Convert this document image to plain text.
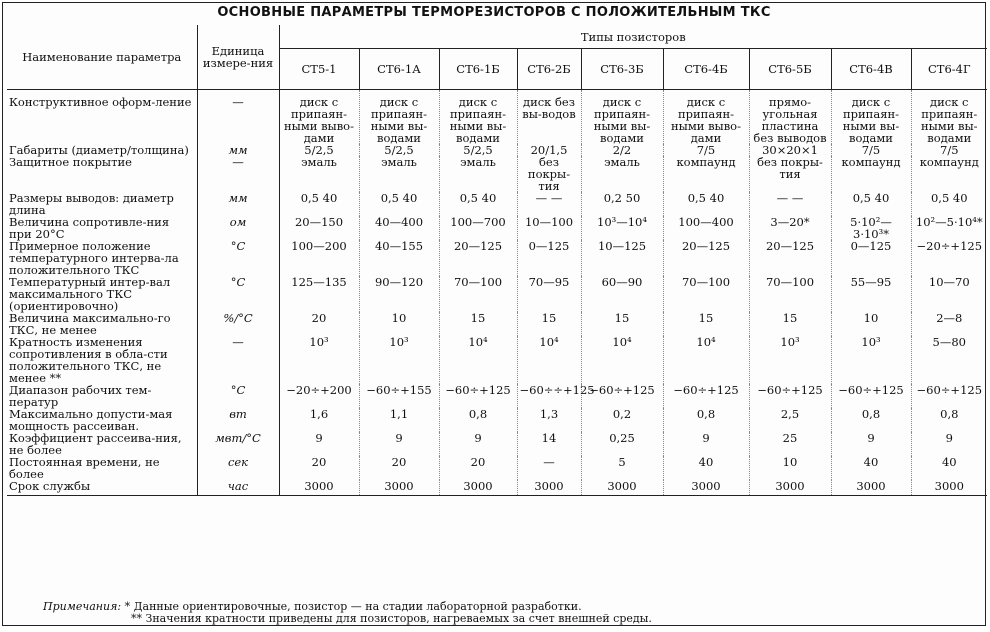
ОСНОВНЫЕ ПАРАМЕТРЫ ТЕРМОРЕЗИСТОРОВ С ПОЛОЖИТЕЛЬНЫМ ТКС
Наименование параметра	Единица измере-ния	Типы позисторов								
		СТ5-1	СТ6-1А	СТ6-1Б	СТ6-2Б	СТ6-3Б	СТ6-4Б	СТ6-5Б	СТ6-4В	СТ6-4Г
Конструктивное оформ-ление	—	диск с припаян-ными выво-дами	диск с припаян-ными вы-водами	диск с припаян-ными вы-водами	диск без вы-водов	диск с припаян-ными вы-водами	диск с припаян-ными выво-дами	прямо-угольная пластина без выводов	диск с припаян-ными вы-водами	диск с припаян-ными вы-водами
Габариты (диаметр/толщина)	мм	5/2,5	5/2,5	5/2,5	20/1,5	2/2	7/5	30×20×1	7/5	7/5
Защитное покрытие	—	эмаль	эмаль	эмаль	без покры-тия	эмаль	компаунд	без покры-тия	компаунд	компаунд
Размеры выводов: диаметр длина	мм	0,5 40	0,5 40	0,5 40	— —	0,2 50	0,5 40	— —	0,5 40	0,5 40
Величина сопротивле-ния при 20°С	ом	20—150	40—400	100—700	10—100	10³—10⁴	100—400	3—20*	5·10²—3·10³*	10²—5·10⁴*
Примерное положение температурного интерва-ла положительного ТКС	°С	100—200	40—155	20—125	0—125	10—125	20—125	20—125	0—125	−20÷+125
Температурный интер-вал максимального ТКС (ориентировочно)	°С	125—135	90—120	70—100	70—95	60—90	70—100	70—100	55—95	10—70
Величина максимально-го ТКС, не менее	%/°С	20	10	15	15	15	15	15	10	2—8
Кратность изменения сопротивления в обла-сти положительного ТКС, не менее **	—	10³	10³	10⁴	10⁴	10⁴	10⁴	10³	10³	5—80
Диапазон рабочих тем-ператур	°С	−20÷+200	−60÷+155	−60÷+125	−60÷÷+125	−60÷+125	−60÷+125	−60÷+125	−60÷+125	−60÷+125
Максимально допусти-мая мощность рассеиван.	вт	1,6	1,1	0,8	1,3	0,2	0,8	2,5	0,8	0,8
Коэффициент рассеива-ния, не более	мвт/°С	9	9	9	14	0,25	9	25	9	9
Постоянная времени, не более	сек	20	20	20	—	5	40	10	40	40
Срок службы	час	3000	3000	3000	3000	3000	3000	3000	3000	3000
Примечания: * Данные ориентировочные, позистор — на стадии лабораторной разработки.
** Значения кратности приведены для позисторов, нагреваемых за счет внешней среды.
